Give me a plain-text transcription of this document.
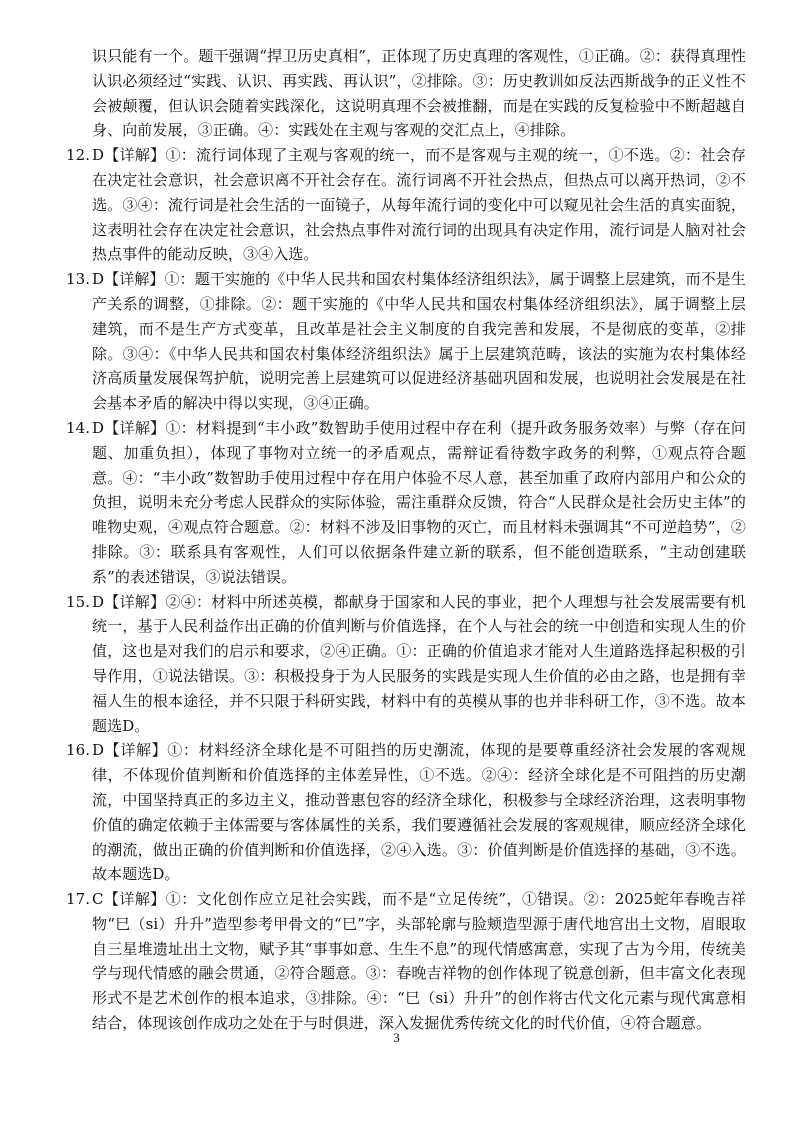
识只能有一个。题干强调“捍卫历史真相”，正体现了历史真理的客观性，①正确。②：获得真理性认识必须经过“实践、认识、再实践、再认识”，②排除。③：历史教训如反法西斯战争的正义性不会被颠覆，但认识会随着实践深化，这说明真理不会被推翻，而是在实践的反复检验中不断超越自身、向前发展，③正确。④：实践处在主观与客观的交汇点上，④排除。

12. D【详解】①：流行词体现了主观与客观的统一，而不是客观与主观的统一，①不选。②：社会存在决定社会意识，社会意识离不开社会存在。流行词离不开社会热点，但热点可以离开热词，②不选。③④：流行词是社会生活的一面镜子，从每年流行词的变化中可以窥见社会生活的真实面貌，这表明社会存在决定社会意识，社会热点事件对流行词的出现具有决定作用，流行词是人脑对社会热点事件的能动反映，③④入选。
13. D【详解】①：题干实施的《中华人民共和国农村集体经济组织法》，属于调整上层建筑，而不是生产关系的调整，①排除。②：题干实施的《中华人民共和国农村集体经济组织法》，属于调整上层建筑，而不是生产方式变革，且改革是社会主义制度的自我完善和发展，不是彻底的变革，②排除。③④：《中华人民共和国农村集体经济组织法》属于上层建筑范畴，该法的实施为农村集体经济高质量发展保驾护航，说明完善上层建筑可以促进经济基础巩固和发展，也说明社会发展是在社会基本矛盾的解决中得以实现，③④正确。
14. D【详解】①：材料提到“丰小政”数智助手使用过程中存在利（提升政务服务效率）与弊（存在问题、加重负担），体现了事物对立统一的矛盾观点，需辩证看待数字政务的利弊，①观点符合题意。④：“丰小政”数智助手使用过程中存在用户体验不尽人意，甚至加重了政府内部用户和公众的负担，说明未充分考虑人民群众的实际体验，需注重群众反馈，符合“人民群众是社会历史主体”的唯物史观，④观点符合题意。②：材料不涉及旧事物的灭亡，而且材料未强调其“不可逆趋势”，②排除。③：联系具有客观性，人们可以依据条件建立新的联系，但不能创造联系，“主动创建联系”的表述错误，③说法错误。
15. D【详解】②④：材料中所述英模，都献身于国家和人民的事业，把个人理想与社会发展需要有机统一，基于人民利益作出正确的价值判断与价值选择，在个人与社会的统一中创造和实现人生的价值，这也是对我们的启示和要求，②④正确。①：正确的价值追求才能对人生道路选择起积极的引导作用，①说法错误。③：积极投身于为人民服务的实践是实现人生价值的必由之路，也是拥有幸福人生的根本途径，并不只限于科研实践，材料中有的英模从事的也并非科研工作，③不选。故本题选D。
16. D【详解】①：材料经济全球化是不可阻挡的历史潮流，体现的是要尊重经济社会发展的客观规律，不体现价值判断和价值选择的主体差异性，①不选。②④：经济全球化是不可阻挡的历史潮流，中国坚持真正的多边主义，推动普惠包容的经济全球化，积极参与全球经济治理，这表明事物价值的确定依赖于主体需要与客体属性的关系，我们要遵循社会发展的客观规律，顺应经济全球化的潮流，做出正确的价值判断和价值选择，②④入选。③：价值判断是价值选择的基础，③不选。故本题选D。
17. C【详解】①：文化创作应立足社会实践，而不是“立足传统”，①错误。②：2025蛇年春晚吉祥物“巳（si）升升”造型参考甲骨文的“巳”字，头部轮廓与脸颊造型源于唐代地宫出土文物，眉眼取自三星堆遗址出土文物，赋予其“事事如意、生生不息”的现代情感寓意，实现了古为今用，传统美学与现代情感的融会贯通，②符合题意。③：春晚吉祥物的创作体现了锐意创新，但丰富文化表现形式不是艺术创作的根本追求，③排除。④：“巳（si）升升”的创作将古代文化元素与现代寓意相结合，体现该创作成功之处在于与时俱进，深入发掘优秀传统文化的时代价值，④符合题意。
3
